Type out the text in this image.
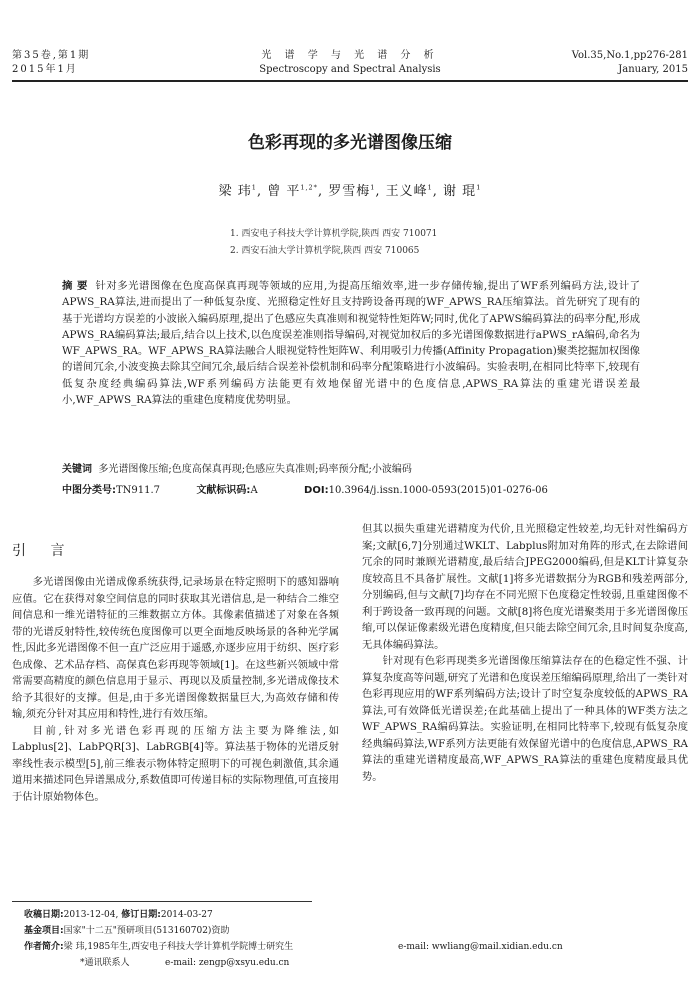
第35卷,第1期
2015年1月
光 谱 学 与 光 谱 分 析
Spectroscopy and Spectral Analysis
Vol.35,No.1,pp276-281
January, 2015
色彩再现的多光谱图像压缩
梁 玮$^1$, 曾 平$^{1,2*}$, 罗雪梅$^1$, 王义峰$^1$, 谢 琨$^1$
1. 西安电子科技大学计算机学院,陕西 西安 710071
2. 西安石油大学计算机学院,陕西 西安 710065
摘 要 针对多光谱图像在色度高保真再现等领域的应用,为提高压缩效率,进一步存储传输,提出了WF系列编码方法,设计了APWS_RA算法,进而提出了一种低复杂度、光照稳定性好且支持跨设备再现的WF_APWS_RA压缩算法。首先研究了现有的基于光谱均方误差的小波嵌入编码原理,提出了色感应失真准则和视觉特性矩阵W;同时,优化了APWS编码算法的码率分配,形成APWS_RA编码算法;最后,结合以上技术,以色度误差准则指导编码,对视觉加权后的多光谱图像数据进行aPWS_rA编码,命名为WF_APWS_RA。WF_APWS_RA算法融合人眼视觉特性矩阵W、利用吸引力传播(Affinity Propagation)聚类挖掘加权图像的谱间冗余,小波变换去除其空间冗余,最后结合误差补偿机制和码率分配策略进行小波编码。实验表明,在相同比特率下,较现有低复杂度经典编码算法,WF系列编码方法能更有效地保留光谱中的色度信息,APWS_RA算法的重建光谱误差最小,WF_APWS_RA算法的重建色度精度优势明显。
关键词 多光谱图像压缩;色度高保真再现;色感应失真准则;码率预分配;小波编码
中图分类号:TN911.7	文献标识码:A	DOI:10.3964/j.issn.1000-0593(2015)01-0276-06
引 言

多光谱图像由光谱成像系统获得,记录场景在特定照明下的感知器响应值。它在获得对象空间信息的同时获取其光谱信息,是一种结合二维空间信息和一维光谱特征的三维数据立方体。其像素值描述了对象在各频带的光谱反射特性,较传统色度图像可以更全面地反映场景的各种光学属性,因此多光谱图像不但一直广泛应用于遥感,亦逐步应用于纺织、医疗彩色成像、艺术品存档、高保真色彩再现等领域[1]。在这些新兴领域中常常需要高精度的颜色信息用于显示、再现以及质量控制,多光谱成像技术给予其很好的支撑。但是,由于多光谱图像数据量巨大,为高效存储和传输,须充分针对其应用和特性,进行有效压缩。

目前,针对多光谱色彩再现的压缩方法主要为降维法,如Labplus[2]、LabPQR[3]、LabRGB[4]等。算法基于物体的光谱反射率线性表示模型[5],前三维表示物体特定照明下的可视色刺激值,其余通道用来描述同色异谱黑成分,系数值即可传递目标的实际物理值,可直接用于估计原始物体色。

但其以损失重建光谱精度为代价,且光照稳定性较差,均无针对性编码方案;文献[6,7]分别通过WKLT、Labplus附加对角阵的形式,在去除谱间冗余的同时兼顾光谱精度,最后结合JPEG2000编码,但是KLT计算复杂度较高且不具备扩展性。文献[1]将多光谱数据分为RGB和残差两部分,分别编码,但与文献[7]均存在不同光照下色度稳定性较弱,且重建图像不利于跨设备一致再现的问题。文献[8]将色度光谱聚类用于多光谱图像压缩,可以保证像素级光谱色度精度,但只能去除空间冗余,且时间复杂度高,无具体编码算法。

针对现有色彩再现类多光谱图像压缩算法存在的色稳定性不强、计算复杂度高等问题,研究了光谱和色度误差压缩编码原理,给出了一类针对色彩再现应用的WF系列编码方法;设计了时空复杂度较低的APWS_RA算法,可有效降低光谱误差;在此基础上提出了一种具体的WF类方法之WF_APWS_RA编码算法。实验证明,在相同比特率下,较现有低复杂度经典编码算法,WF系列方法更能有效保留光谱中的色度信息,APWS_RA算法的重建光谱精度最高,WF_APWS_RA算法的重建色度精度最具优势。

收稿日期:2013-12-04, 修订日期:2014-03-27
基金项目:国家"十二五"预研项目(513160702)资助
作者简介:梁 玮,1985年生,西安电子科技大学计算机学院博士研究生	e-mail: wwliang@mail.xidian.edu.cn
*通讯联系人	e-mail: zengp@xsyu.edu.cn
